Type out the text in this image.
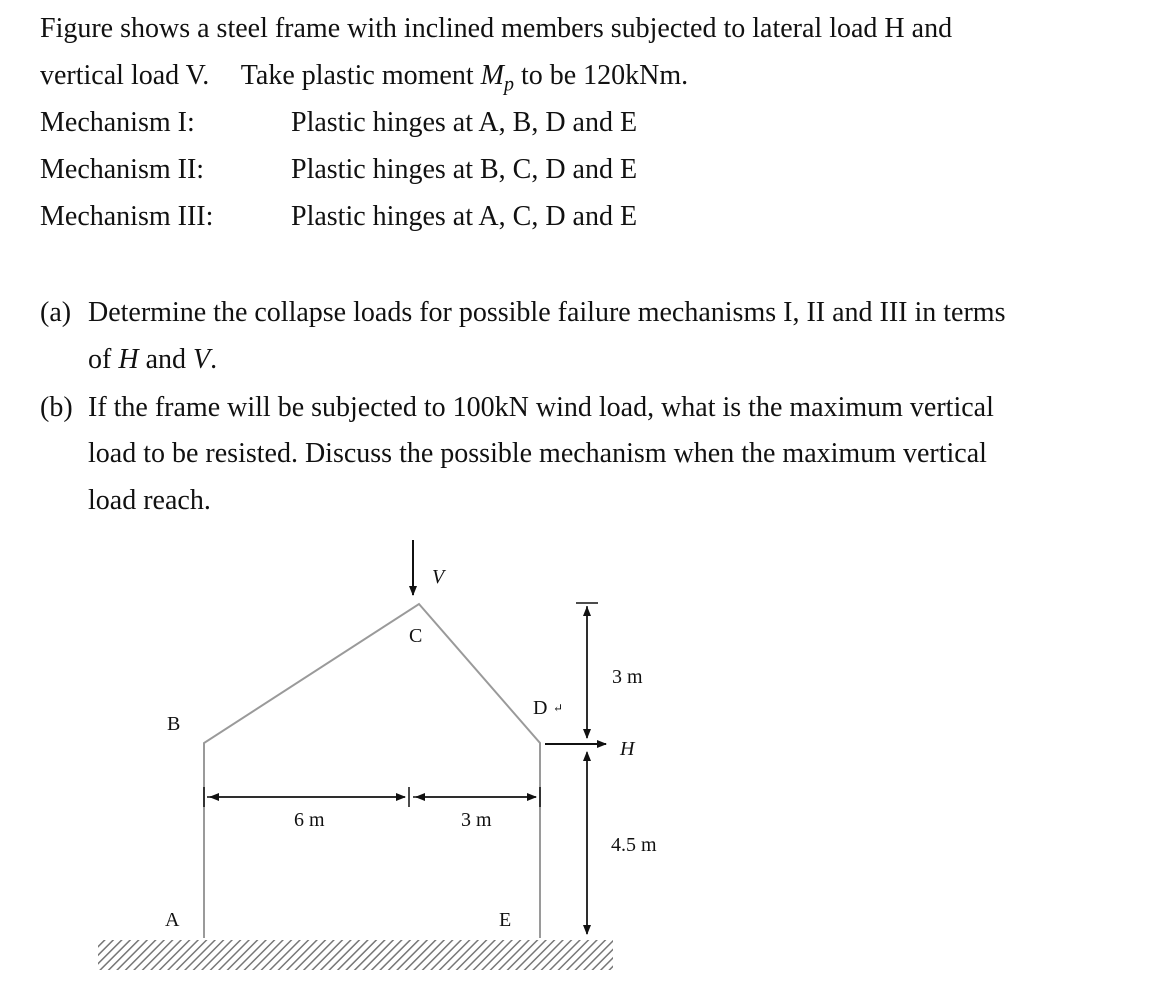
Figure shows a steel frame with inclined members subjected to lateral load H and
vertical load V. Take plastic moment $M_p$ to be 120kNm.
Mechanism I:	Plastic hinges at A, B, D and E
Mechanism II:	Plastic hinges at B, C, D and E
Mechanism III:	Plastic hinges at A, C, D and E
(a) Determine the collapse loads for possible failure mechanisms I, II and III in terms
of H and V.
(b) If the frame will be subjected to 100kN wind load, what is the maximum vertical
load to be resisted. Discuss the possible mechanism when the maximum vertical
load reach.
V
H
C
B
D ↵
A	E
6 m	3 m
3 m
4.5 m
